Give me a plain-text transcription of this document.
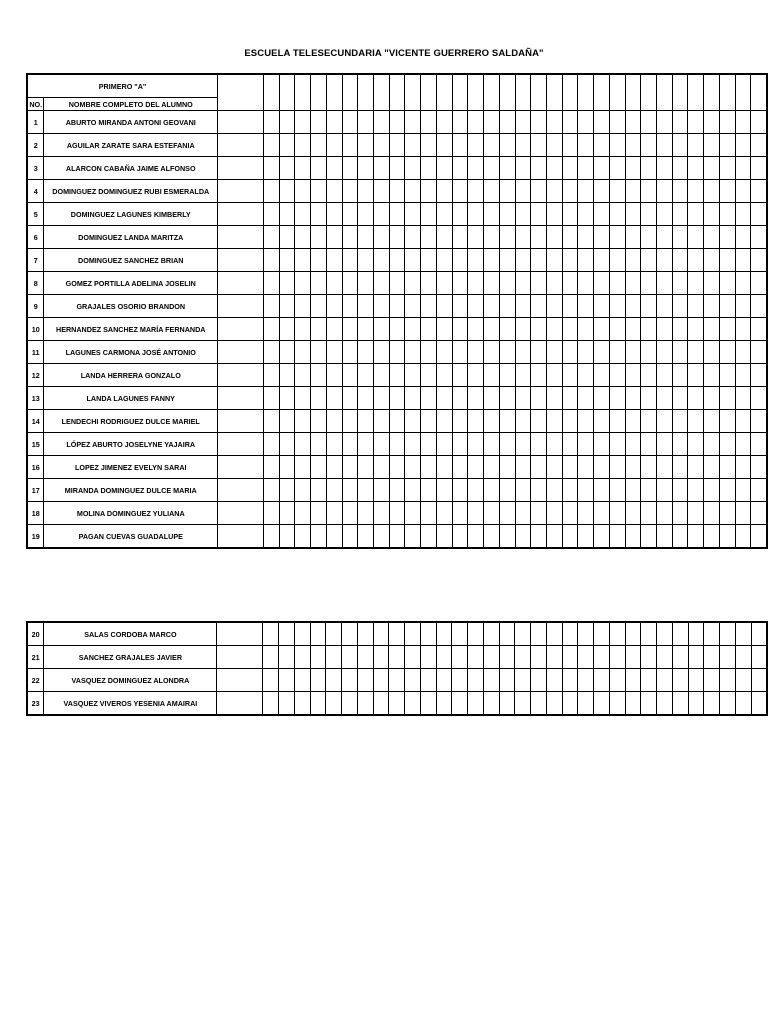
ESCUELA TELESECUNDARIA "VICENTE GUERRERO SALDAÑA"
PRIMERO "A"																																		
NO.	NOMBRE COMPLETO DEL ALUMNO																																	
1	ABURTO MIRANDA ANTONI GEOVANI																																	
2	AGUILAR ZARATE SARA ESTEFANIA																																	
3	ALARCON CABAÑA JAIME ALFONSO																																	
4	DOMINGUEZ DOMINGUEZ RUBI ESMERALDA																																	
5	DOMINGUEZ LAGUNES KIMBERLY																																	
6	DOMINGUEZ LANDA MARITZA																																	
7	DOMINGUEZ SANCHEZ BRIAN																																	
8	GOMEZ PORTILLA ADELINA JOSELIN																																	
9	GRAJALES OSORIO BRANDON																																	
10	HERNANDEZ SANCHEZ MARÍA FERNANDA																																	
11	LAGUNES CARMONA JOSÉ ANTONIO																																	
12	LANDA HERRERA GONZALO																																	
13	LANDA LAGUNES FANNY																																	
14	LENDECHI RODRIGUEZ DULCE MARIEL																																	
15	LÓPEZ ABURTO JOSELYNE YAJAIRA																																	
16	LOPEZ JIMENEZ EVELYN SARAI																																	
17	MIRANDA DOMINGUEZ DULCE MARIA																																	
18	MOLINA DOMINGUEZ YULIANA																																	
19	PAGAN CUEVAS GUADALUPE																																	
20	SALAS CORDOBA MARCO																																	
21	SANCHEZ GRAJALES JAVIER																																	
22	VASQUEZ DOMINGUEZ ALONDRA																																	
23	VASQUEZ VIVEROS YESENIA AMAIRAI																																	
